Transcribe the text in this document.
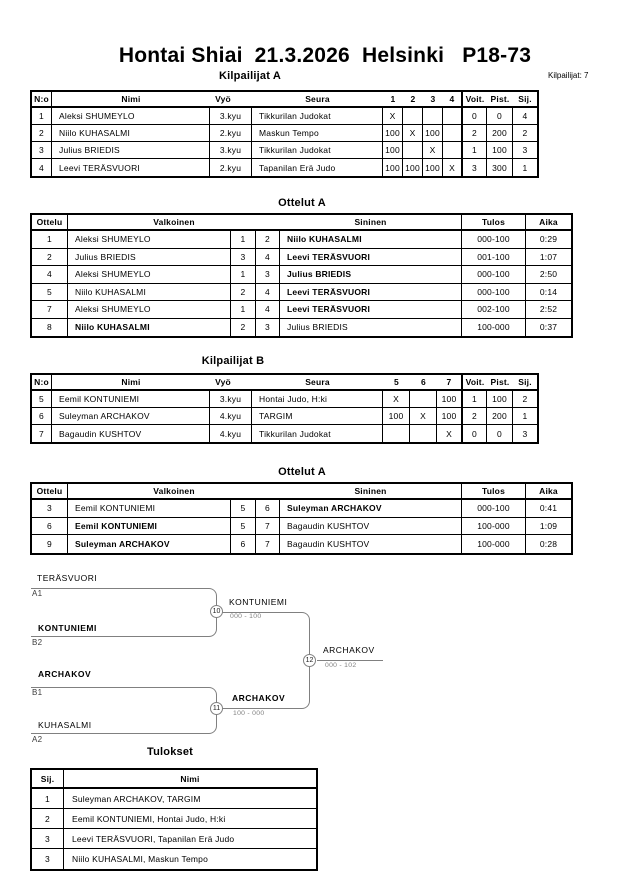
Hontai Shiai  21.3.2026  Helsinki   P18-73
Kilpailijat A	Kilpailijat: 7
N:o	Nimi	Vyö	Seura	1	2	3	4	Voit.	Pist.	Sij.
1	Aleksi SHUMEYLO	3.kyu	Tikkurilan Judokat	X				0	0	4
2	Niilo KUHASALMI	2.kyu	Maskun Tempo	100	X	100		2	200	2
3	Julius BRIEDIS	3.kyu	Tikkurilan Judokat	100		X		1	100	3
4	Leevi TERÄSVUORI	2.kyu	Tapanilan Erä Judo	100	100	100	X	3	300	1
Ottelut A
Ottelu	Valkoinen			Sininen	Tulos	Aika
1	Aleksi SHUMEYLO	1	2	Niilo KUHASALMI	000-100	0:29
2	Julius BRIEDIS	3	4	Leevi TERÄSVUORI	001-100	1:07
4	Aleksi SHUMEYLO	1	3	Julius BRIEDIS	000-100	2:50
5	Niilo KUHASALMI	2	4	Leevi TERÄSVUORI	000-100	0:14
7	Aleksi SHUMEYLO	1	4	Leevi TERÄSVUORI	002-100	2:52
8	Niilo KUHASALMI	2	3	Julius BRIEDIS	100-000	0:37
Kilpailijat B
N:o	Nimi	Vyö	Seura	5	6	7	Voit.	Pist.	Sij.
5	Eemil KONTUNIEMI	3.kyu	Hontai Judo, H:ki	X		100	1	100	2
6	Suleyman ARCHAKOV	4.kyu	TARGIM	100	X	100	2	200	1
7	Bagaudin KUSHTOV	4.kyu	Tikkurilan Judokat			X	0	0	3
Ottelut A
Ottelu	Valkoinen			Sininen	Tulos	Aika
3	Eemil KONTUNIEMI	5	6	Suleyman ARCHAKOV	000-100	0:41
6	Eemil KONTUNIEMI	5	7	Bagaudin KUSHTOV	100-000	1:09
9	Suleyman ARCHAKOV	6	7	Bagaudin KUSHTOV	100-000	0:28
TERÄSVUORI
A1
KONTUNIEMI
B2
ARCHAKOV
B1
KUHASALMI
A2
10
11
12
KONTUNIEMI
000 - 100
ARCHAKOV
100 - 000
ARCHAKOV
000 - 102
Tulokset
Sij.	Nimi
1	Suleyman ARCHAKOV, TARGIM
2	Eemil KONTUNIEMI, Hontai Judo, H:ki
3	Leevi TERÄSVUORI, Tapanilan Erä Judo
3	Niilo KUHASALMI, Maskun Tempo
